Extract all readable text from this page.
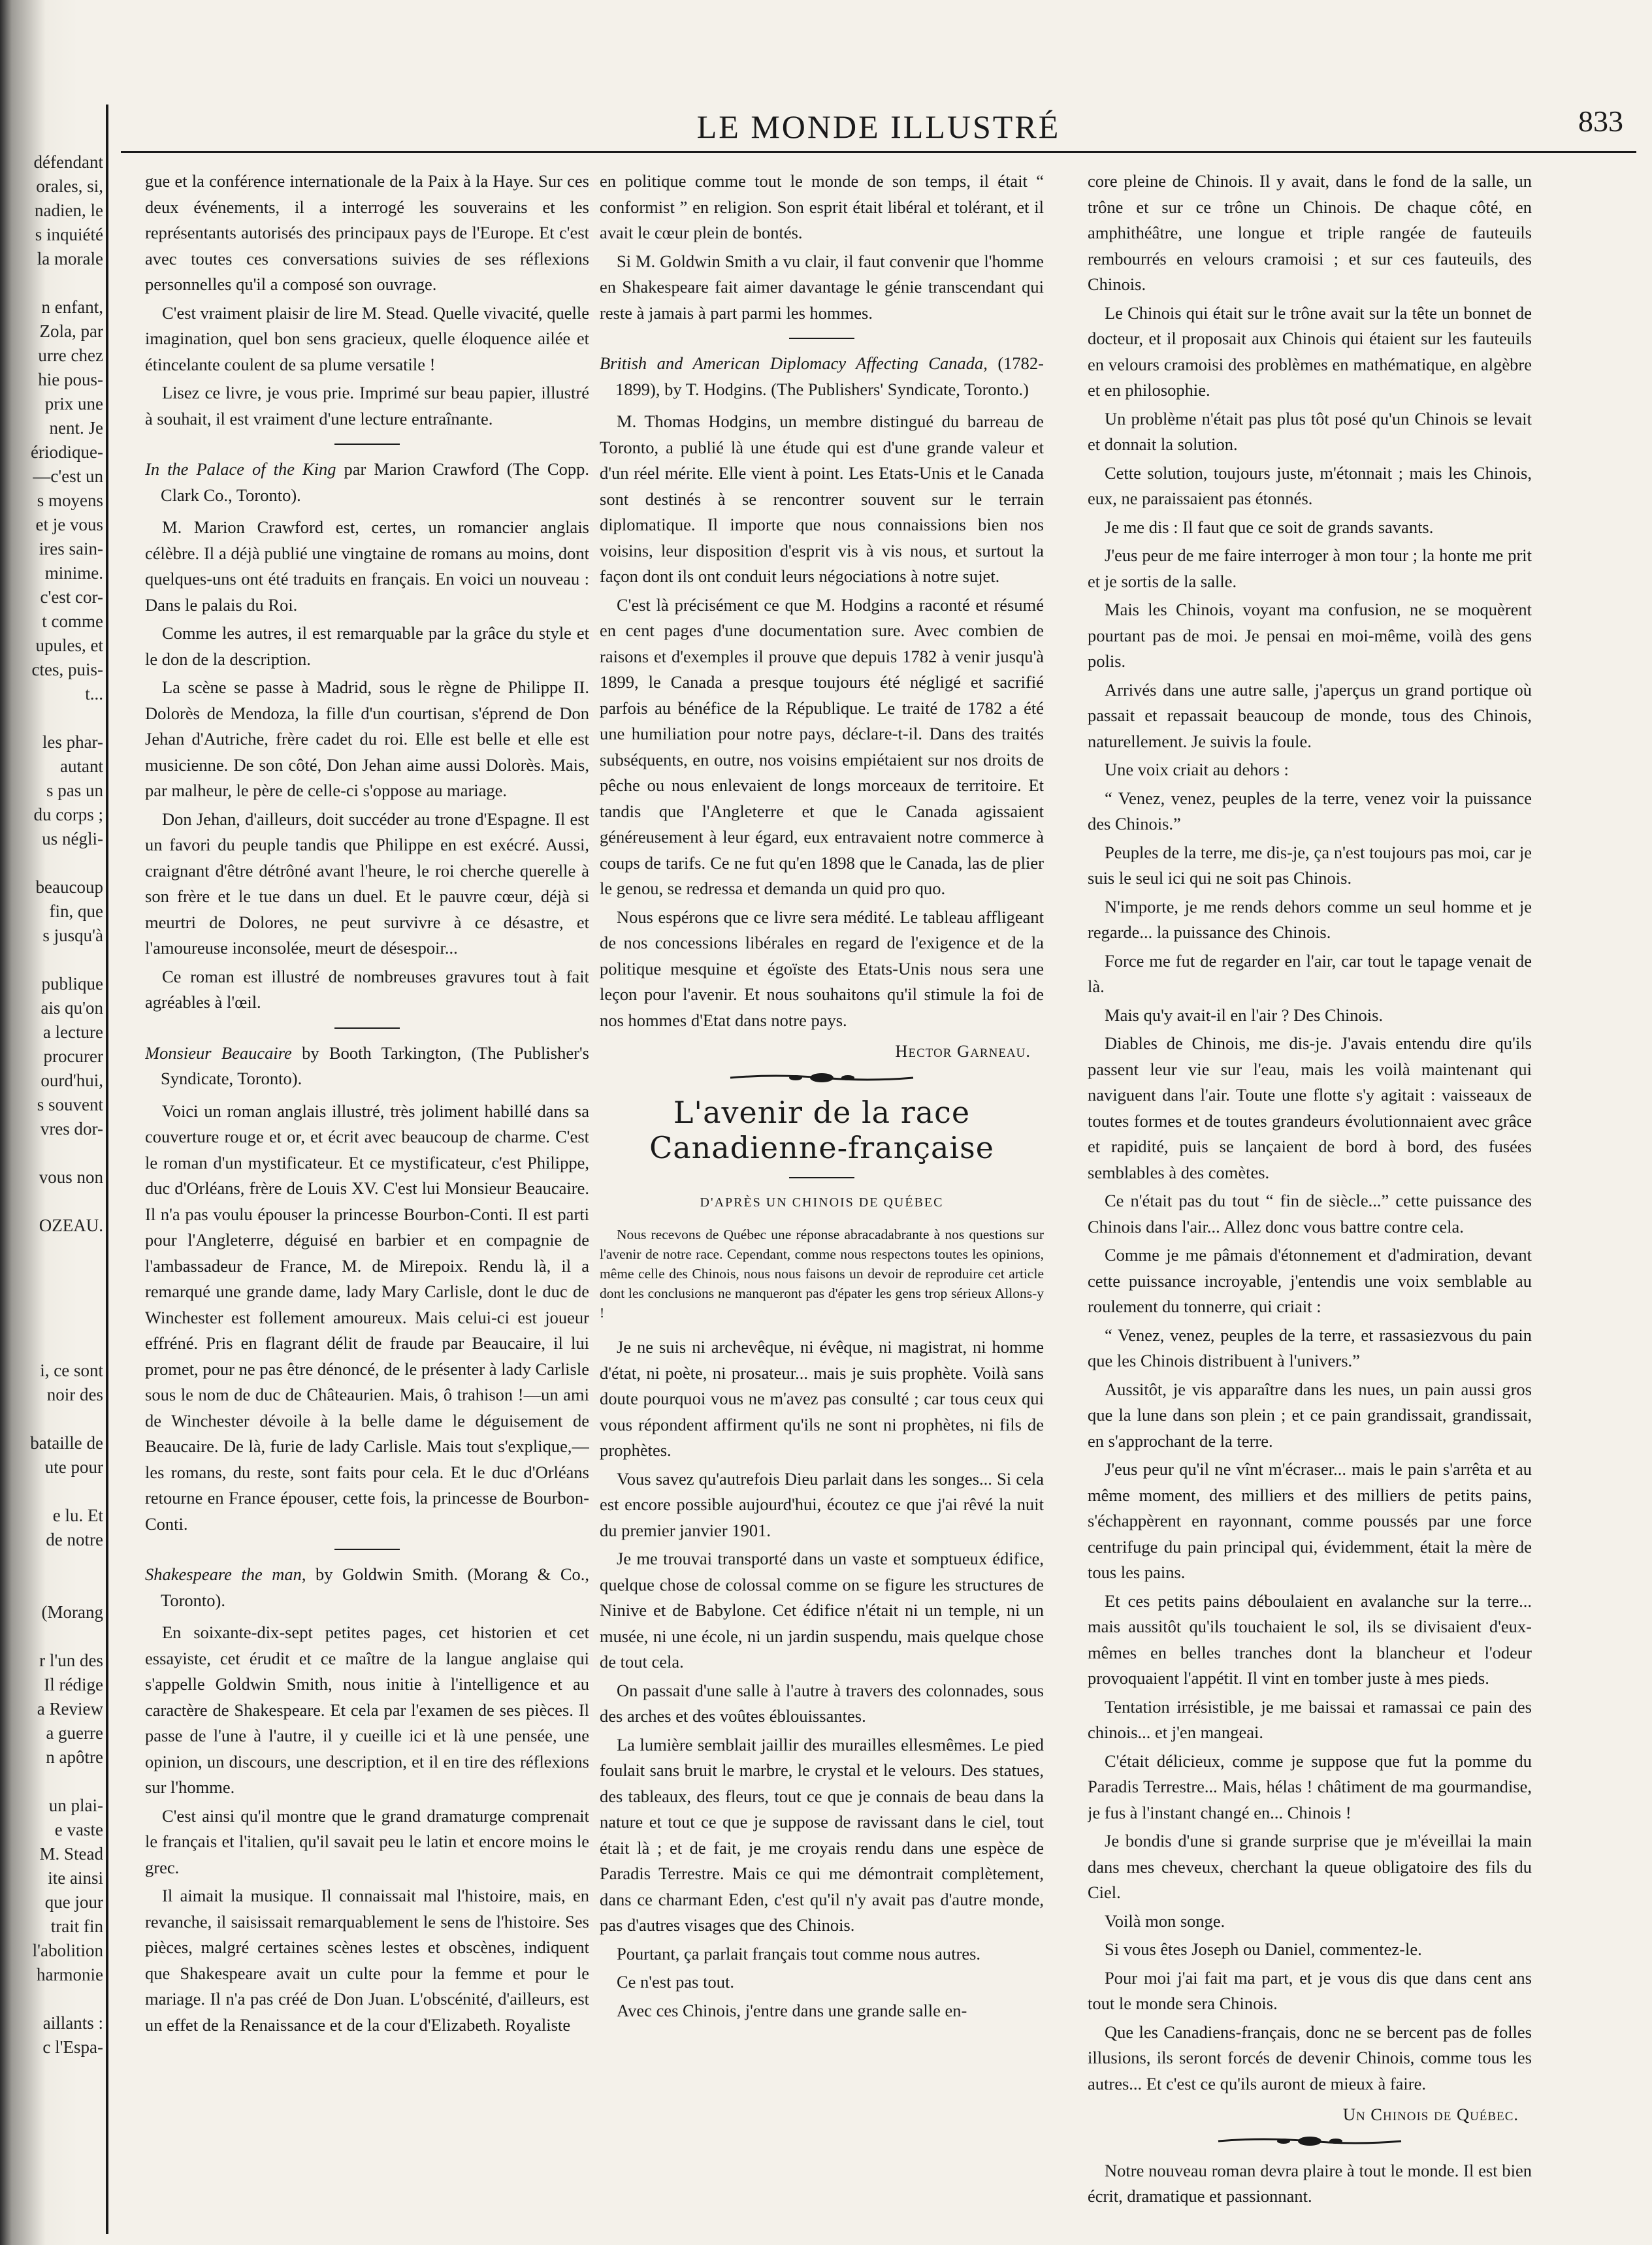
défendant
orales, si,
nadien, le
s inquiété
la morale

n enfant,
Zola, par
urre chez
hie pous-
prix une
nent. Je
ériodique-
—c'est un
s moyens
et je vous
ires sain-
minime.
c'est cor-
t comme
upules, et
ctes, puis-
t...

les phar-
autant
s pas un
du corps ;
us négli-

beaucoup
fin, que
s jusqu'à

publique
ais qu'on
a lecture
procurer
ourd'hui,
s souvent
vres dor-

vous non

OZEAU.

i, ce sont
noir des

bataille de
ute pour

e lu. Et
de notre

(Morang

r l'un des
Il rédige
a Review
a guerre
n apôtre

un plai-
e vaste
M. Stead
ite ainsi
que jour
trait fin
l'abolition
harmonie

aillants :
c l'Espa-
LE MONDE ILLUSTRÉ	833

gue et la conférence internationale de la Paix à la Haye. Sur ces deux événements, il a interrogé les souverains et les représentants autorisés des principaux pays de l'Europe. Et c'est avec toutes ces conversations suivies de ses réflexions personnelles qu'il a composé son ouvrage.

C'est vraiment plaisir de lire M. Stead. Quelle vivacité, quelle imagination, quel bon sens gracieux, quelle éloquence ailée et étincelante coulent de sa plume versatile !

Lisez ce livre, je vous prie. Imprimé sur beau papier, illustré à souhait, il est vraiment d'une lecture entraînante.

In the Palace of the King par Marion Crawford (The Copp. Clark Co., Toronto).

M. Marion Crawford est, certes, un romancier anglais célèbre. Il a déjà publié une vingtaine de romans au moins, dont quelques-uns ont été traduits en français. En voici un nouveau : Dans le palais du Roi.

Comme les autres, il est remarquable par la grâce du style et le don de la description.

La scène se passe à Madrid, sous le règne de Philippe II. Dolorès de Mendoza, la fille d'un courtisan, s'éprend de Don Jehan d'Autriche, frère cadet du roi. Elle est belle et elle est musicienne. De son côté, Don Jehan aime aussi Dolorès. Mais, par malheur, le père de celle-ci s'oppose au mariage.

Don Jehan, d'ailleurs, doit succéder au trone d'Espagne. Il est un favori du peuple tandis que Philippe en est exécré. Aussi, craignant d'être détrôné avant l'heure, le roi cherche querelle à son frère et le tue dans un duel. Et le pauvre cœur, déjà si meurtri de Dolores, ne peut survivre à ce désastre, et l'amoureuse inconsolée, meurt de désespoir...

Ce roman est illustré de nombreuses gravures tout à fait agréables à l'œil.

Monsieur Beaucaire by Booth Tarkington, (The Publisher's Syndicate, Toronto).

Voici un roman anglais illustré, très joliment habillé dans sa couverture rouge et or, et écrit avec beaucoup de charme. C'est le roman d'un mystificateur. Et ce mystificateur, c'est Philippe, duc d'Orléans, frère de Louis XV. C'est lui Monsieur Beaucaire. Il n'a pas voulu épouser la princesse Bourbon-Conti. Il est parti pour l'Angleterre, déguisé en barbier et en compagnie de l'ambassadeur de France, M. de Mirepoix. Rendu là, il a remarqué une grande dame, lady Mary Carlisle, dont le duc de Winchester est follement amoureux. Mais celui-ci est joueur effréné. Pris en flagrant délit de fraude par Beaucaire, il lui promet, pour ne pas être dénoncé, de le présenter à lady Carlisle sous le nom de duc de Châteaurien. Mais, ô trahison !—un ami de Winchester dévoile à la belle dame le déguisement de Beaucaire. De là, furie de lady Carlisle. Mais tout s'explique,—les romans, du reste, sont faits pour cela. Et le duc d'Orléans retourne en France épouser, cette fois, la princesse de Bourbon-Conti.

Shakespeare the man, by Goldwin Smith. (Morang & Co., Toronto).

En soixante-dix-sept petites pages, cet historien et cet essayiste, cet érudit et ce maître de la langue anglaise qui s'appelle Goldwin Smith, nous initie à l'intelligence et au caractère de Shakespeare. Et cela par l'examen de ses pièces. Il passe de l'une à l'autre, il y cueille ici et là une pensée, une opinion, un discours, une description, et il en tire des réflexions sur l'homme.

C'est ainsi qu'il montre que le grand dramaturge comprenait le français et l'italien, qu'il savait peu le latin et encore moins le grec.

Il aimait la musique. Il connaissait mal l'histoire, mais, en revanche, il saisissait remarquablement le sens de l'histoire. Ses pièces, malgré certaines scènes lestes et obscènes, indiquent que Shakespeare avait un culte pour la femme et pour le mariage. Il n'a pas créé de Don Juan. L'obscénité, d'ailleurs, est un effet de la Renaissance et de la cour d'Elizabeth. Royaliste

en politique comme tout le monde de son temps, il était “ conformist ” en religion. Son esprit était libéral et tolérant, et il avait le cœur plein de bontés.

Si M. Goldwin Smith a vu clair, il faut convenir que l'homme en Shakespeare fait aimer davantage le génie transcendant qui reste à jamais à part parmi les hommes.

British and American Diplomacy Affecting Canada, (1782-1899), by T. Hodgins. (The Publishers' Syndicate, Toronto.)

M. Thomas Hodgins, un membre distingué du barreau de Toronto, a publié là une étude qui est d'une grande valeur et d'un réel mérite. Elle vient à point. Les Etats-Unis et le Canada sont destinés à se rencontrer souvent sur le terrain diplomatique. Il importe que nous connaissions bien nos voisins, leur disposition d'esprit vis à vis nous, et surtout la façon dont ils ont conduit leurs négociations à notre sujet.

C'est là précisément ce que M. Hodgins a raconté et résumé en cent pages d'une documentation sure. Avec combien de raisons et d'exemples il prouve que depuis 1782 à venir jusqu'à 1899, le Canada a presque toujours été négligé et sacrifié parfois au bénéfice de la République. Le traité de 1782 a été une humiliation pour notre pays, déclare-t-il. Dans des traités subséquents, en outre, nos voisins empiétaient sur nos droits de pêche ou nous enlevaient de longs morceaux de territoire. Et tandis que l'Angleterre et que le Canada agissaient généreusement à leur égard, eux entravaient notre commerce à coups de tarifs. Ce ne fut qu'en 1898 que le Canada, las de plier le genou, se redressa et demanda un quid pro quo.

Nous espérons que ce livre sera médité. Le tableau affligeant de nos concessions libérales en regard de l'exigence et de la politique mesquine et égoïste des Etats-Unis nous sera une leçon pour l'avenir. Et nous souhaitons qu'il stimule la foi de nos hommes d'Etat dans notre pays.

Hector Garneau.
L'avenir de la race Canadienne-française
D'APRÈS UN CHINOIS DE QUÉBEC

Nous recevons de Québec une réponse abracadabrante à nos questions sur l'avenir de notre race. Cependant, comme nous respectons toutes les opinions, même celle des Chinois, nous nous faisons un devoir de reproduire cet article dont les conclusions ne manqueront pas d'épater les gens trop sérieux Allons-y !

Je ne suis ni archevêque, ni évêque, ni magistrat, ni homme d'état, ni poète, ni prosateur... mais je suis prophète. Voilà sans doute pourquoi vous ne m'avez pas consulté ; car tous ceux qui vous répondent affirment qu'ils ne sont ni prophètes, ni fils de prophètes.

Vous savez qu'autrefois Dieu parlait dans les songes... Si cela est encore possible aujourd'hui, écoutez ce que j'ai rêvé la nuit du premier janvier 1901.

Je me trouvai transporté dans un vaste et somptueux édifice, quelque chose de colossal comme on se figure les structures de Ninive et de Babylone. Cet édifice n'était ni un temple, ni un musée, ni une école, ni un jardin suspendu, mais quelque chose de tout cela.

On passait d'une salle à l'autre à travers des colonnades, sous des arches et des voûtes éblouissantes.

La lumière semblait jaillir des murailles ellesmêmes. Le pied foulait sans bruit le marbre, le crystal et le velours. Des statues, des tableaux, des fleurs, tout ce que je connais de beau dans la nature et tout ce que je suppose de ravissant dans le ciel, tout était là ; et de fait, je me croyais rendu dans une espèce de Paradis Terrestre. Mais ce qui me démontrait complètement, dans ce charmant Eden, c'est qu'il n'y avait pas d'autre monde, pas d'autres visages que des Chinois.

Pourtant, ça parlait français tout comme nous autres.

Ce n'est pas tout.

Avec ces Chinois, j'entre dans une grande salle en-

core pleine de Chinois. Il y avait, dans le fond de la salle, un trône et sur ce trône un Chinois. De chaque côté, en amphithéâtre, une longue et triple rangée de fauteuils rembourrés en velours cramoisi ; et sur ces fauteuils, des Chinois.

Le Chinois qui était sur le trône avait sur la tête un bonnet de docteur, et il proposait aux Chinois qui étaient sur les fauteuils en velours cramoisi des problèmes en mathématique, en algèbre et en philosophie.

Un problème n'était pas plus tôt posé qu'un Chinois se levait et donnait la solution.

Cette solution, toujours juste, m'étonnait ; mais les Chinois, eux, ne paraissaient pas étonnés.

Je me dis : Il faut que ce soit de grands savants.

J'eus peur de me faire interroger à mon tour ; la honte me prit et je sortis de la salle.

Mais les Chinois, voyant ma confusion, ne se moquèrent pourtant pas de moi. Je pensai en moi-même, voilà des gens polis.

Arrivés dans une autre salle, j'aperçus un grand portique où passait et repassait beaucoup de monde, tous des Chinois, naturellement. Je suivis la foule.

Une voix criait au dehors :

“ Venez, venez, peuples de la terre, venez voir la puissance des Chinois.”

Peuples de la terre, me dis-je, ça n'est toujours pas moi, car je suis le seul ici qui ne soit pas Chinois.

N'importe, je me rends dehors comme un seul homme et je regarde... la puissance des Chinois.

Force me fut de regarder en l'air, car tout le tapage venait de là.

Mais qu'y avait-il en l'air ? Des Chinois.

Diables de Chinois, me dis-je. J'avais entendu dire qu'ils passent leur vie sur l'eau, mais les voilà maintenant qui naviguent dans l'air. Toute une flotte s'y agitait : vaisseaux de toutes formes et de toutes grandeurs évolutionnaient avec grâce et rapidité, puis se lançaient de bord à bord, des fusées semblables à des comètes.

Ce n'était pas du tout “ fin de siècle...” cette puissance des Chinois dans l'air... Allez donc vous battre contre cela.

Comme je me pâmais d'étonnement et d'admiration, devant cette puissance incroyable, j'entendis une voix semblable au roulement du tonnerre, qui criait :

“ Venez, venez, peuples de la terre, et rassasiezvous du pain que les Chinois distribuent à l'univers.”

Aussitôt, je vis apparaître dans les nues, un pain aussi gros que la lune dans son plein ; et ce pain grandissait, grandissait, en s'approchant de la terre.

J'eus peur qu'il ne vînt m'écraser... mais le pain s'arrêta et au même moment, des milliers et des milliers de petits pains, s'échappèrent en rayonnant, comme poussés par une force centrifuge du pain principal qui, évidemment, était la mère de tous les pains.

Et ces petits pains déboulaient en avalanche sur la terre... mais aussitôt qu'ils touchaient le sol, ils se divisaient d'eux-mêmes en belles tranches dont la blancheur et l'odeur provoquaient l'appétit. Il vint en tomber juste à mes pieds.

Tentation irrésistible, je me baissai et ramassai ce pain des chinois... et j'en mangeai.

C'était délicieux, comme je suppose que fut la pomme du Paradis Terrestre... Mais, hélas ! châtiment de ma gourmandise, je fus à l'instant changé en... Chinois !

Je bondis d'une si grande surprise que je m'éveillai la main dans mes cheveux, cherchant la queue obligatoire des fils du Ciel.

Voilà mon songe.

Si vous êtes Joseph ou Daniel, commentez-le.

Pour moi j'ai fait ma part, et je vous dis que dans cent ans tout le monde sera Chinois.

Que les Canadiens-français, donc ne se bercent pas de folles illusions, ils seront forcés de devenir Chinois, comme tous les autres... Et c'est ce qu'ils auront de mieux à faire.

Un Chinois de Québec.

Notre nouveau roman devra plaire à tout le monde. Il est bien écrit, dramatique et passionnant.
